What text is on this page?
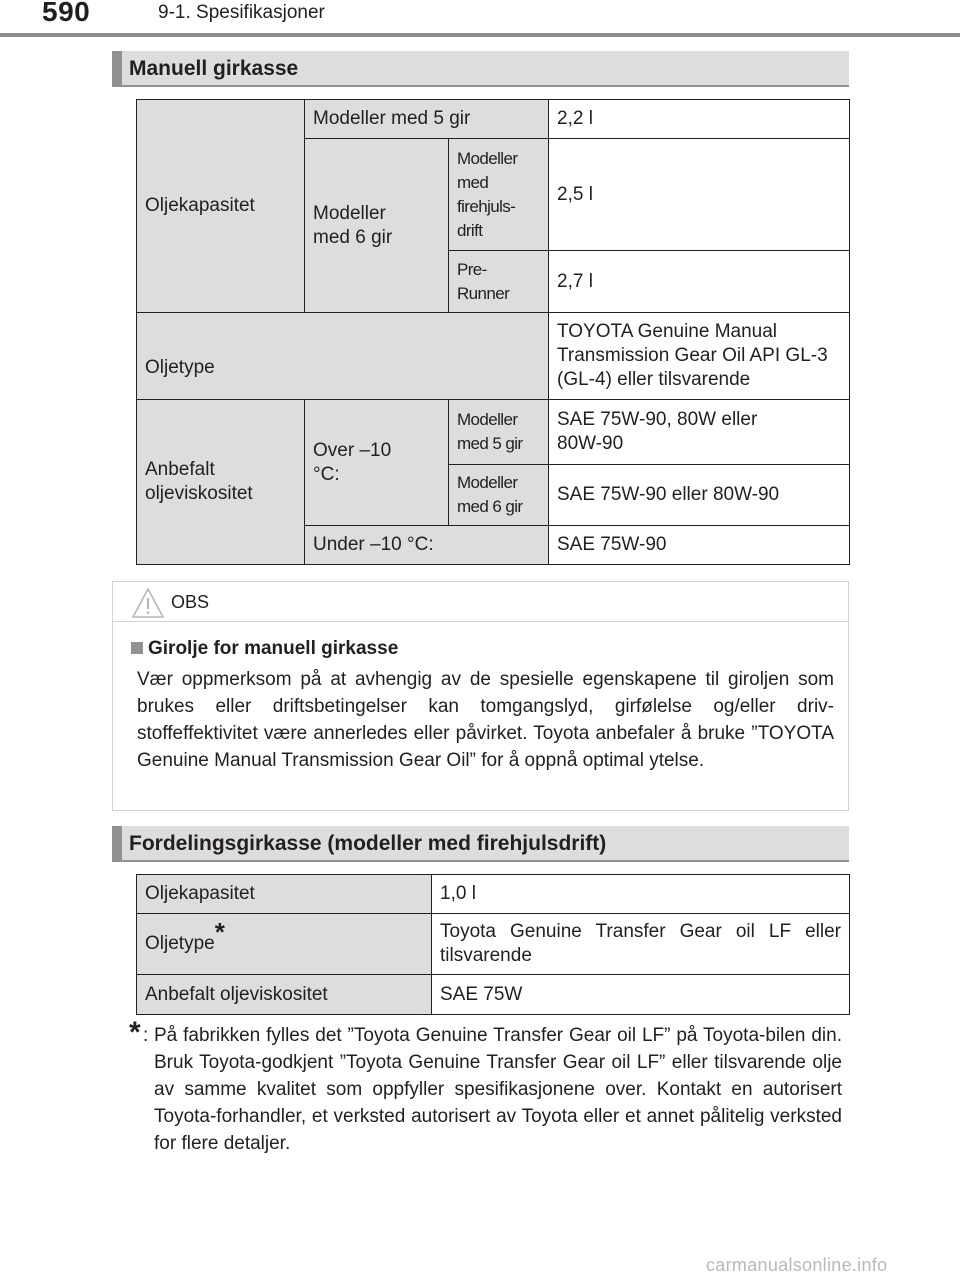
590	9-1. Spesifikasjoner
Manuell girkasse
Oljekapasitet	Modeller med 5 gir		2,2 l

	Modeller med 6 gir	Modeller med firehjuls-drift	2,5 l

		Pre-Runner	2,7 l

Oljetype			TOYOTA Genuine Manual Transmission Gear Oil API GL-3 (GL-4) eller tilsvarende

Anbefalt oljeviskositet	Over –10 °C:	Modeller med 5 gir	SAE 75W-90, 80W eller 80W-90

		Modeller med 6 gir	SAE 75W-90 eller 80W-90
	Under –10 °C:		SAE 75W-90
OBS
Girolje for manuell girkasse
Vær oppmerksom på at avhengig av de spesielle egenskapene til giroljen som brukes eller driftsbetingelser kan tomgangslyd, girfølelse og/eller driv-stoffeffektivitet være annerledes eller påvirket. Toyota anbefaler å bruke ”TOYOTA Genuine Manual Transmission Gear Oil” for å oppnå optimal ytelse.
Fordelingsgirkasse (modeller med firehjulsdrift)
Oljekapasitet	1,0 l
Oljetype*	Toyota Genuine Transfer Gear oil LF eller tilsvarende
Anbefalt oljeviskositet	SAE 75W
* : På fabrikken fylles det ”Toyota Genuine Transfer Gear oil LF” på Toyota-bilen din. Bruk Toyota-godkjent ”Toyota Genuine Transfer Gear oil LF” eller tilsvarende olje av samme kvalitet som oppfyller spesifikasjonene over. Kontakt en autorisert Toyota-forhandler, et verksted autorisert av Toyota eller et annet pålitelig verksted for flere detaljer.
carmanualsonline.info
